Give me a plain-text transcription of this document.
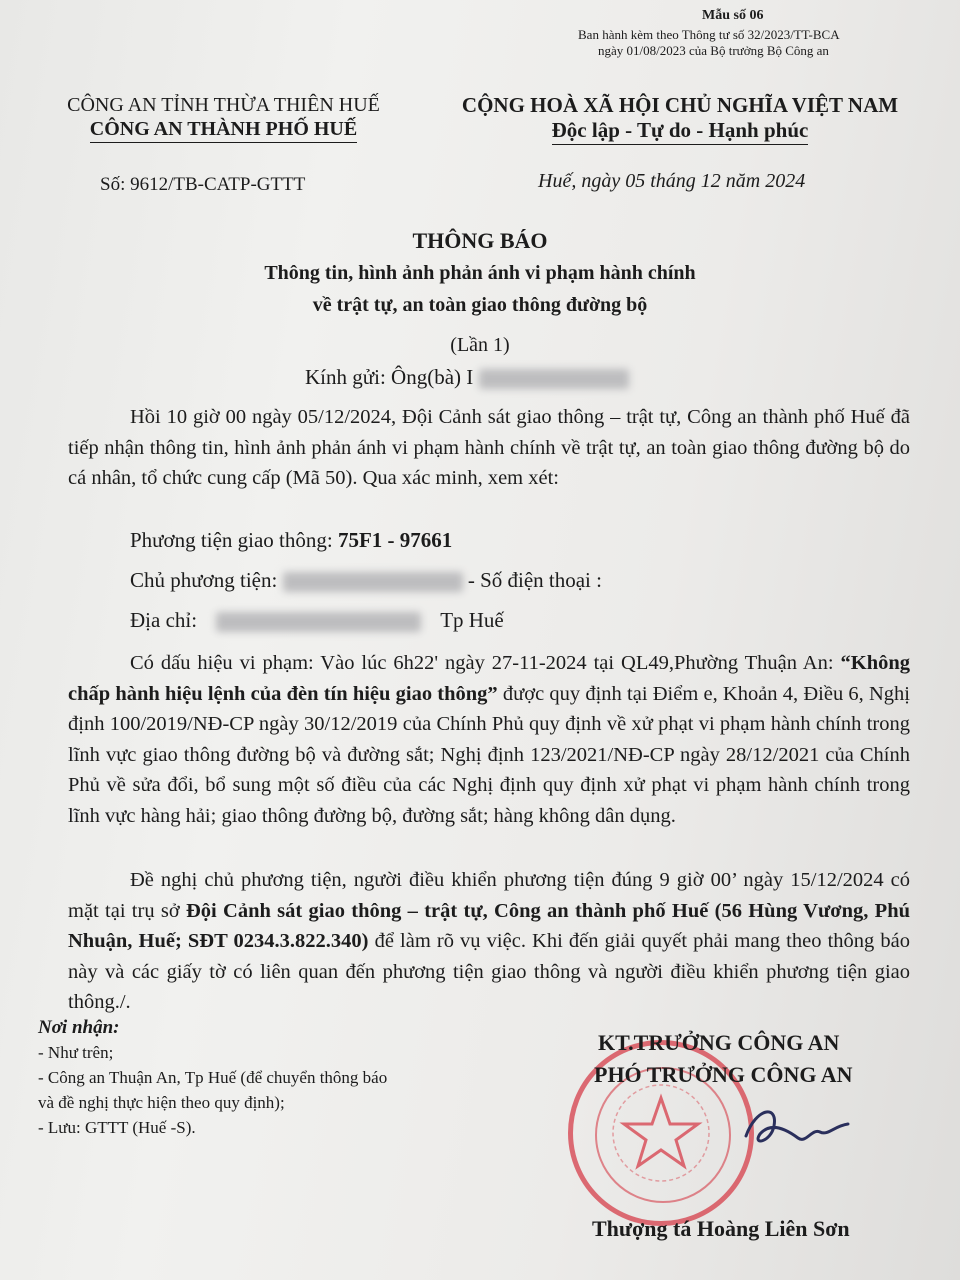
Mẫu số 06
Ban hành kèm theo Thông tư số 32/2023/TT-BCA
ngày 01/08/2023 của Bộ trưởng Bộ Công an
CÔNG AN TỈNH THỪA THIÊN HUẾ
CÔNG AN THÀNH PHỐ HUẾ
Số: 9612/TB-CATP-GTTT
CỘNG HOÀ XÃ HỘI CHỦ NGHĨA VIỆT NAM
Độc lập - Tự do - Hạnh phúc
Huế, ngày 05 tháng 12 năm 2024
THÔNG BÁO
Thông tin, hình ảnh phản ánh vi phạm hành chính
về trật tự, an toàn giao thông đường bộ
(Lần 1)
Kính gửi: Ông(bà) I
Hồi 10 giờ 00 ngày 05/12/2024, Đội Cảnh sát giao thông – trật tự, Công an thành phố Huế đã tiếp nhận thông tin, hình ảnh phản ánh vi phạm hành chính về trật tự, an toàn giao thông đường bộ do cá nhân, tổ chức cung cấp (Mã 50). Qua xác minh, xem xét:
Phương tiện giao thông: 75F1 - 97661
Chủ phương tiện:	- Số điện thoại :
Địa chỉ:	Tp Huế
Có dấu hiệu vi phạm: Vào lúc 6h22' ngày 27-11-2024 tại QL49,Phường Thuận An: “Không chấp hành hiệu lệnh của đèn tín hiệu giao thông” được quy định tại Điểm e, Khoản 4, Điều 6, Nghị định 100/2019/NĐ-CP ngày 30/12/2019 của Chính Phủ quy định về xử phạt vi phạm hành chính trong lĩnh vực giao thông đường bộ và đường sắt; Nghị định 123/2021/NĐ-CP ngày 28/12/2021 của Chính Phủ về sửa đổi, bổ sung một số điều của các Nghị định quy định xử phạt vi phạm hành chính trong lĩnh vực hàng hải; giao thông đường bộ, đường sắt; hàng không dân dụng.
Đề nghị chủ phương tiện, người điều khiển phương tiện đúng 9 giờ 00’ ngày 15/12/2024 có mặt tại trụ sở Đội Cảnh sát giao thông – trật tự, Công an thành phố Huế (56 Hùng Vương, Phú Nhuận, Huế; SĐT 0234.3.822.340) để làm rõ vụ việc. Khi đến giải quyết phải mang theo thông báo này và các giấy tờ có liên quan đến phương tiện giao thông và người điều khiển phương tiện giao thông./.
Nơi nhận:
- Như trên;
- Công an Thuận An, Tp Huế (để chuyển thông báo
và đề nghị thực hiện theo quy định);
- Lưu: GTTT (Huế -S).
KT.TRƯỞNG CÔNG AN
PHÓ TRƯỞNG CÔNG AN
Thượng tá Hoàng Liên Sơn
